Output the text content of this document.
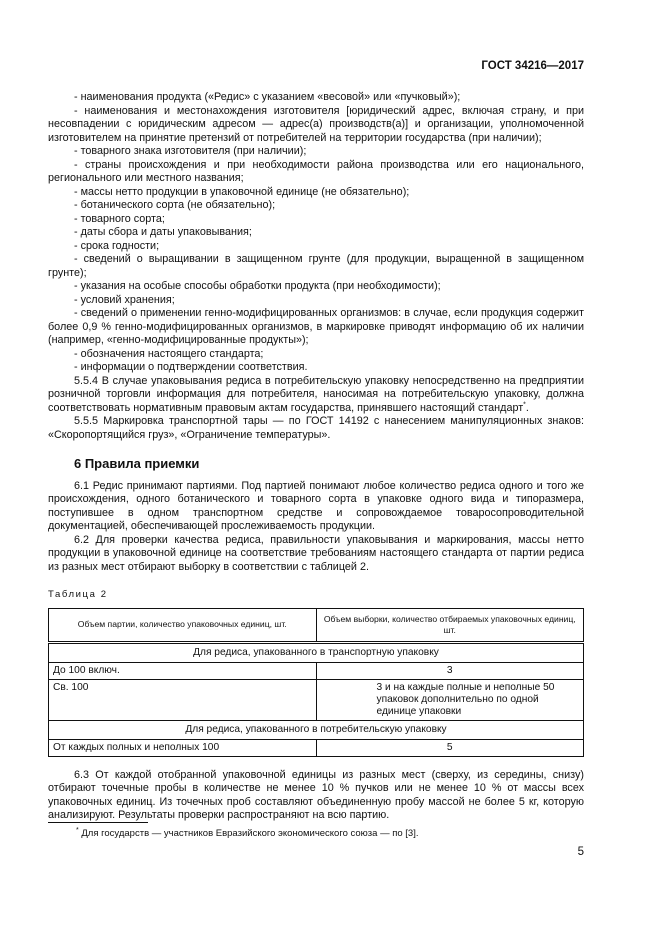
ГОСТ 34216—2017

- наименования продукта («Редис» с указанием «весовой» или «пучковый»);

- наименования и местонахождения изготовителя [юридический адрес, включая страну, и при несовпадении с юридическим адресом — адрес(а) производств(а)] и организации, уполномоченной изготовителем на принятие претензий от потребителей на территории государства (при наличии);

- товарного знака изготовителя (при наличии);

- страны происхождения и при необходимости района производства или его национального, регионального или местного названия;

- массы нетто продукции в упаковочной единице (не обязательно);

- ботанического сорта (не обязательно);

- товарного сорта;

- даты сбора и даты упаковывания;

- срока годности;

- сведений о выращивании в защищенном грунте (для продукции, выращенной в защищенном грунте);

- указания на особые способы обработки продукта (при необходимости);

- условий хранения;

- сведений о применении генно-модифицированных организмов: в случае, если продукция содержит более 0,9 % генно-модифицированных организмов, в маркировке приводят информацию об их наличии (например, «генно-модифицированные продукты»);

- обозначения настоящего стандарта;

- информации о подтверждении соответствия.

5.5.4 В случае упаковывания редиса в потребительскую упаковку непосредственно на предприятии розничной торговли информация для потребителя, наносимая на потребительскую упаковку, должна соответствовать нормативным правовым актам государства, принявшего настоящий стандарт*.

5.5.5 Маркировка транспортной тары — по ГОСТ 14192 с нанесением манипуляционных знаков: «Скоропортящийся груз», «Ограничение температуры».

6 Правила приемки

6.1 Редис принимают партиями. Под партией понимают любое количество редиса одного и того же происхождения, одного ботанического и товарного сорта в упаковке одного вида и типоразмера, поступившее в одном транспортном средстве и сопровождаемое товаросопроводительной документацией, обеспечивающей прослеживаемость продукции.

6.2 Для проверки качества редиса, правильности упаковывания и маркирования, массы нетто продукции в упаковочной единице на соответствие требованиям настоящего стандарта от партии редиса из разных мест отбирают выборку в соответствии с таблицей 2.

Таблица 2

Объем партии, количество упаковочных единиц, шт.	Объем выборки, количество отбираемых упаковочных единиц, шт.
Для редиса, упакованного в транспортную упаковку	
До 100 включ.	3
Св. 100	3 и на каждые полные и неполные 50 упаковок дополнительно по одной единице упаковки
Для редиса, упакованного в потребительскую упаковку	
От каждых полных и неполных 100	5

6.3 От каждой отобранной упаковочной единицы из разных мест (сверху, из середины, снизу) отбирают точечные пробы в количестве не менее 10 % пучков или не менее 10 % от массы всех упаковочных единиц. Из точечных проб составляют объединенную пробу массой не более 5 кг, которую анализируют. Результаты проверки распространяют на всю партию.

* Для государств — участников Евразийского экономического союза — по [3].
5
